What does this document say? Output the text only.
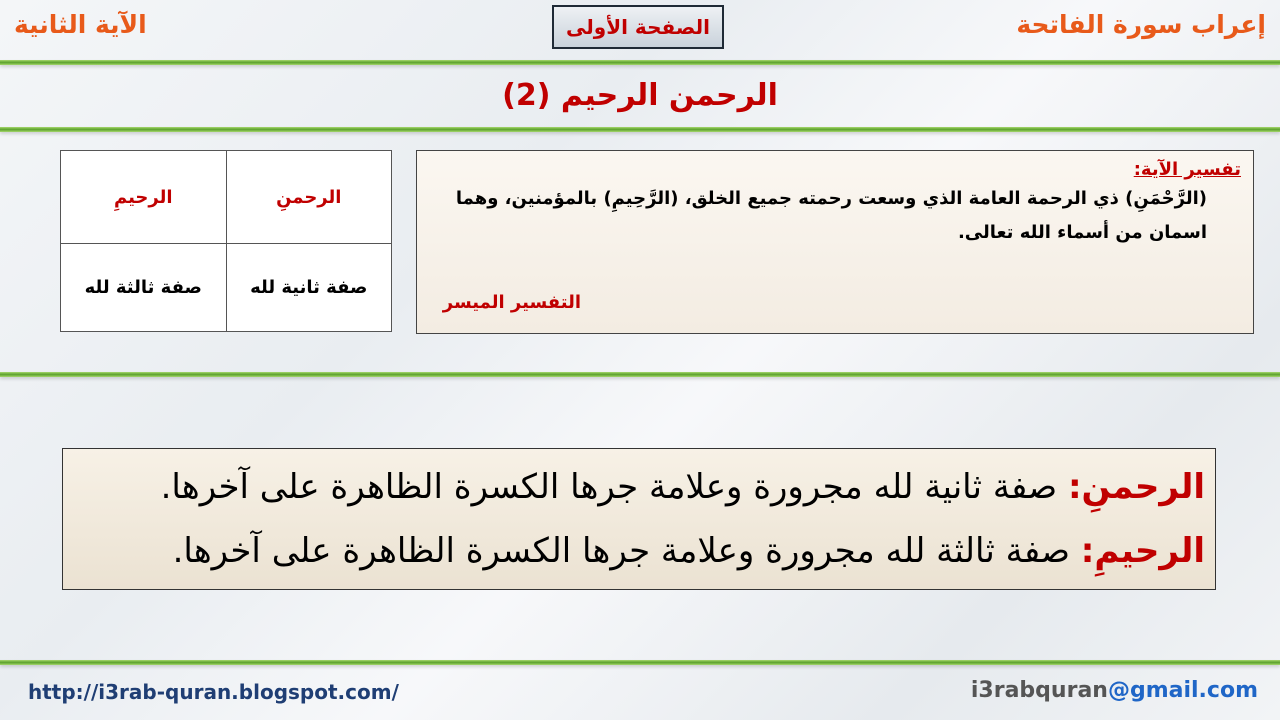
إعراب سورة الفاتحة
الآية الثانية	الصفحة الأولى
الرحمن الرحيم (2)
الرحمنِ	الرحيمِ
صفة ثانية لله	صفة ثالثة لله
تفسير الآية:
(الرَّحْمَنِ) ذي الرحمة العامة الذي وسعت رحمته جميع الخلق، (الرَّحِيمِ) بالمؤمنين، وهما اسمان من أسماء الله تعالى.
التفسير الميسر
الرحمنِ: صفة ثانية لله مجرورة وعلامة جرها الكسرة الظاهرة على آخرها.
الرحيمِ: صفة ثالثة لله مجرورة وعلامة جرها الكسرة الظاهرة على آخرها.
http://i3rab-quran.blogspot.com/	i3rabquran@gmail.com
